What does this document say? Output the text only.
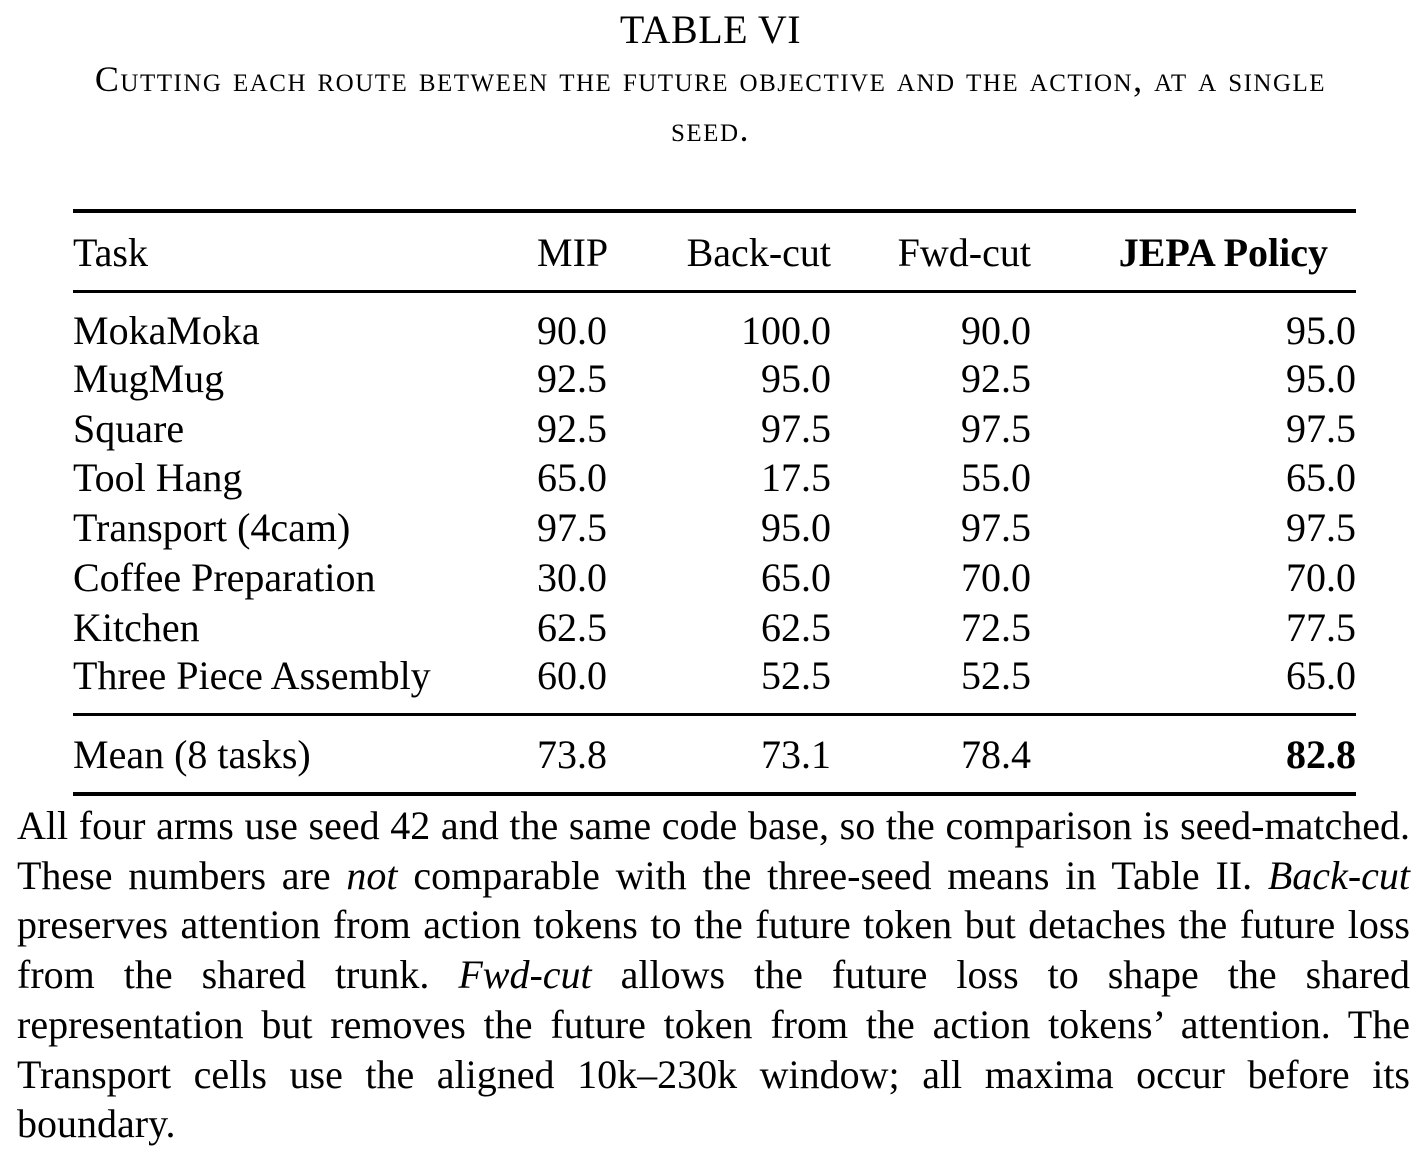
TABLE VI
Cutting each route between the future objective and the action, at a single seed.
Task	MIP	Back-cut	Fwd-cut	JEPA Policy
MokaMoka	90.0	100.0	90.0	95.0
MugMug	92.5	95.0	92.5	95.0
Square	92.5	97.5	97.5	97.5
Tool Hang	65.0	17.5	55.0	65.0
Transport (4cam)	97.5	95.0	97.5	97.5
Coffee Preparation	30.0	65.0	70.0	70.0
Kitchen	62.5	62.5	72.5	77.5
Three Piece Assembly	60.0	52.5	52.5	65.0
Mean (8 tasks)	73.8	73.1	78.4	82.8
All four arms use seed 42 and the same code base, so the comparison is seed-matched. These numbers are not comparable with the three-seed means in Table II. Back-cut preserves attention from action tokens to the future token but detaches the future loss from the shared trunk. Fwd-cut allows the future loss to shape the shared representation but removes the future token from the action tokens’ attention. The Transport cells use the aligned 10k–230k window; all maxima occur before its boundary.
